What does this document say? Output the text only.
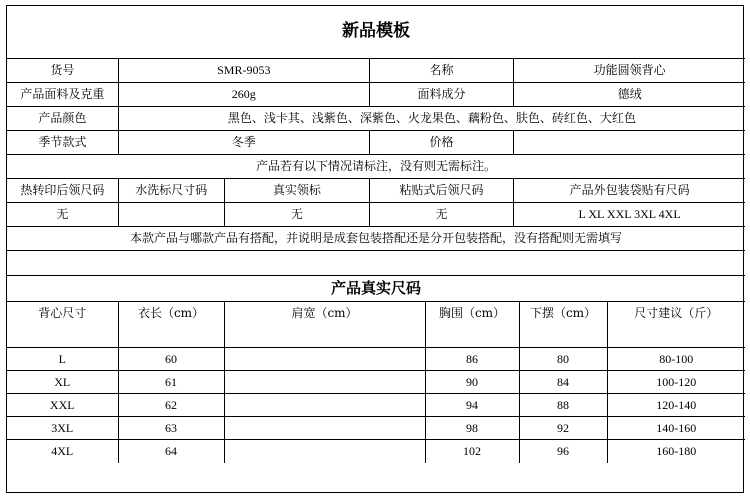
新品模板				
货号	SMR-9053		名称	功能圆领背心
产品面料及克重	260g		面料成分	德绒
产品颜色	黑色、浅卡其、浅紫色、深紫色、火龙果色、藕粉色、肤色、砖红色、大红色			
季节款式	冬季		价格	
产品若有以下情况请标注，没有则无需标注。				
热转印后领尺码	水洗标尺寸码	真实领标	粘贴式后领尺码	产品外包装袋贴有尺码
无		无	无	L XL XXL 3XL 4XL
本款产品与哪款产品有搭配，并说明是成套包装搭配还是分开包装搭配，没有搭配则无需填写				

产品真实尺码					
背心尺寸	衣长（cm）	肩宽（cm）	胸围（cm）	下摆（cm）	尺寸建议（斤）

L	60		86	80	80-100
XL	61		90	84	100-120
XXL	62		94	88	120-140
3XL	63		98	92	140-160
4XL	64		102	96	160-180
